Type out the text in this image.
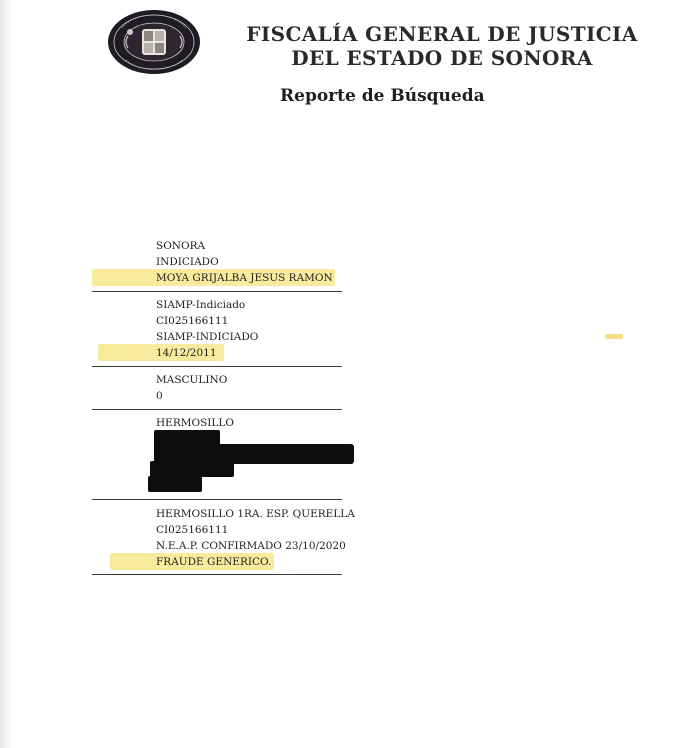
FISCALÍA GENERAL DE JUSTICIA
DEL ESTADO DE SONORA
Reporte de Búsqueda
SONORA
INDICIADO
MOYA GRIJALBA JESUS RAMON
SIAMP-Indiciado
CI025166111
SIAMP-INDICIADO
14/12/2011
MASCULINO
0
HERMOSILLO
HERMOSILLO 1RA. ESP. QUERELLA
CI025166111
N.E.A.P. CONFIRMADO 23/10/2020
FRAUDE GENERICO.
